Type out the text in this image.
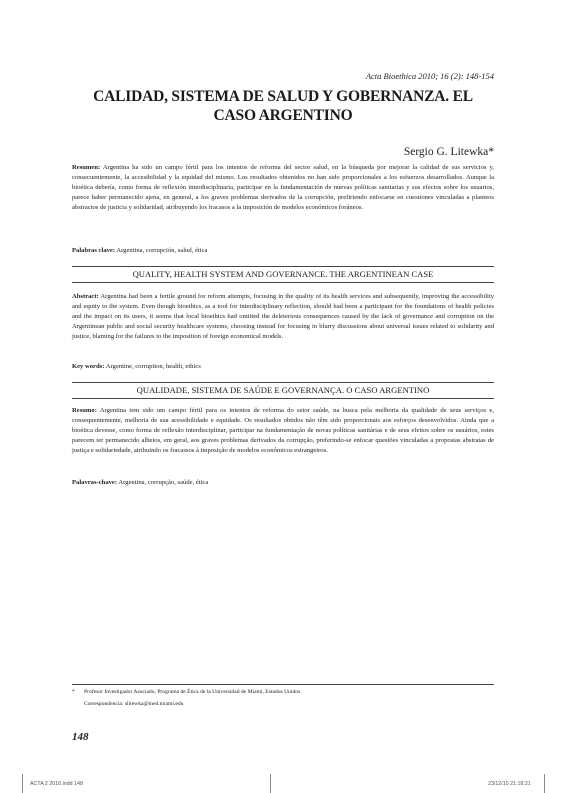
Acta Bioethica 2010; 16 (2): 148-154
CALIDAD, SISTEMA DE SALUD Y GOBERNANZA. EL CASO ARGENTINO
Sergio G. Litewka*
Resumen: Argentina ha sido un campo fértil para los intentos de reforma del sector salud, en la búsqueda por mejorar la calidad de sus servicios y, consecuentemente, la accesibilidad y la equidad del mismo. Los resultados obtenidos no han sido proporcionales a los esfuerzos desarrollados. Aunque la bioética debería, como forma de reflexión interdisciplinaria, participar en la fundamentación de nuevas políticas sanitarias y sus efectos sobre los usuarios, parece haber permanecido ajena, en general, a los graves problemas derivados de la corrupción, prefiriendo enfocarse en cuestiones vinculadas a planteos abstractos de justicia y solidaridad, atribuyendo los fracasos a la imposición de modelos económicos foráneos.
Palabras clave: Argentina, corrupción, salud, ética
QUALITY, HEALTH SYSTEM AND GOVERNANCE. THE ARGENTINEAN CASE
Abstract: Argentina had been a fertile ground for reform attempts, focusing in the quality of its health services and subsequently, improving the accessibility and equity to the system. Even though bioethics, as a tool for interdisciplinary reflection, should had been a participant for the foundations of health policies and the impact on its users, it seems that local bioethics had omitted the deleterious consequences caused by the lack of governance and corruption on the Argentinean public and social security healthcare systems, choosing instead for focusing in blurry discussions about universal issues related to solidarity and justice, blaming for the failures to the imposition of foreign economical models.
Key words: Argentine, corruption, health, ethics
QUALIDADE, SISTEMA DE SAÚDE E GOVERNANÇA. O CASO ARGENTINO
Resumo: Argentina tem sido um campo fértil para os intentos de reforma do setor saúde, na busca pela melhoria da qualidade de seus serviços e, consequentemente, melhoria de sua acessibilidade e equidade. Os resultados obtidos não têm sido proporcionais aos esforços desenvolvidos. Ainda que a bioética devesse, como forma de reflexão interdisciplinar, participar na fundamentação de novas políticas sanitárias e de seus efeitos sobre os usuários, estes parecem ter permanecido alheios, em geral, aos graves problemas derivados da corrupção, preferindo-se enfocar questões vinculadas a propostas abstratas de justiça e solidariedade, atribuindo os fracassos à imposição de modelos econômicos estrangeiros.
Palavras-chave: Argentina, corrupção, saúde, ética
* Profesor Investigador Asociado, Programa de Ética de la Universidad de Miami, Estados Unidos
Correspondencia: slitewka@med.miami.edu
148
ACTA 2 2010.indd 148	23/12/10 21:18:21
